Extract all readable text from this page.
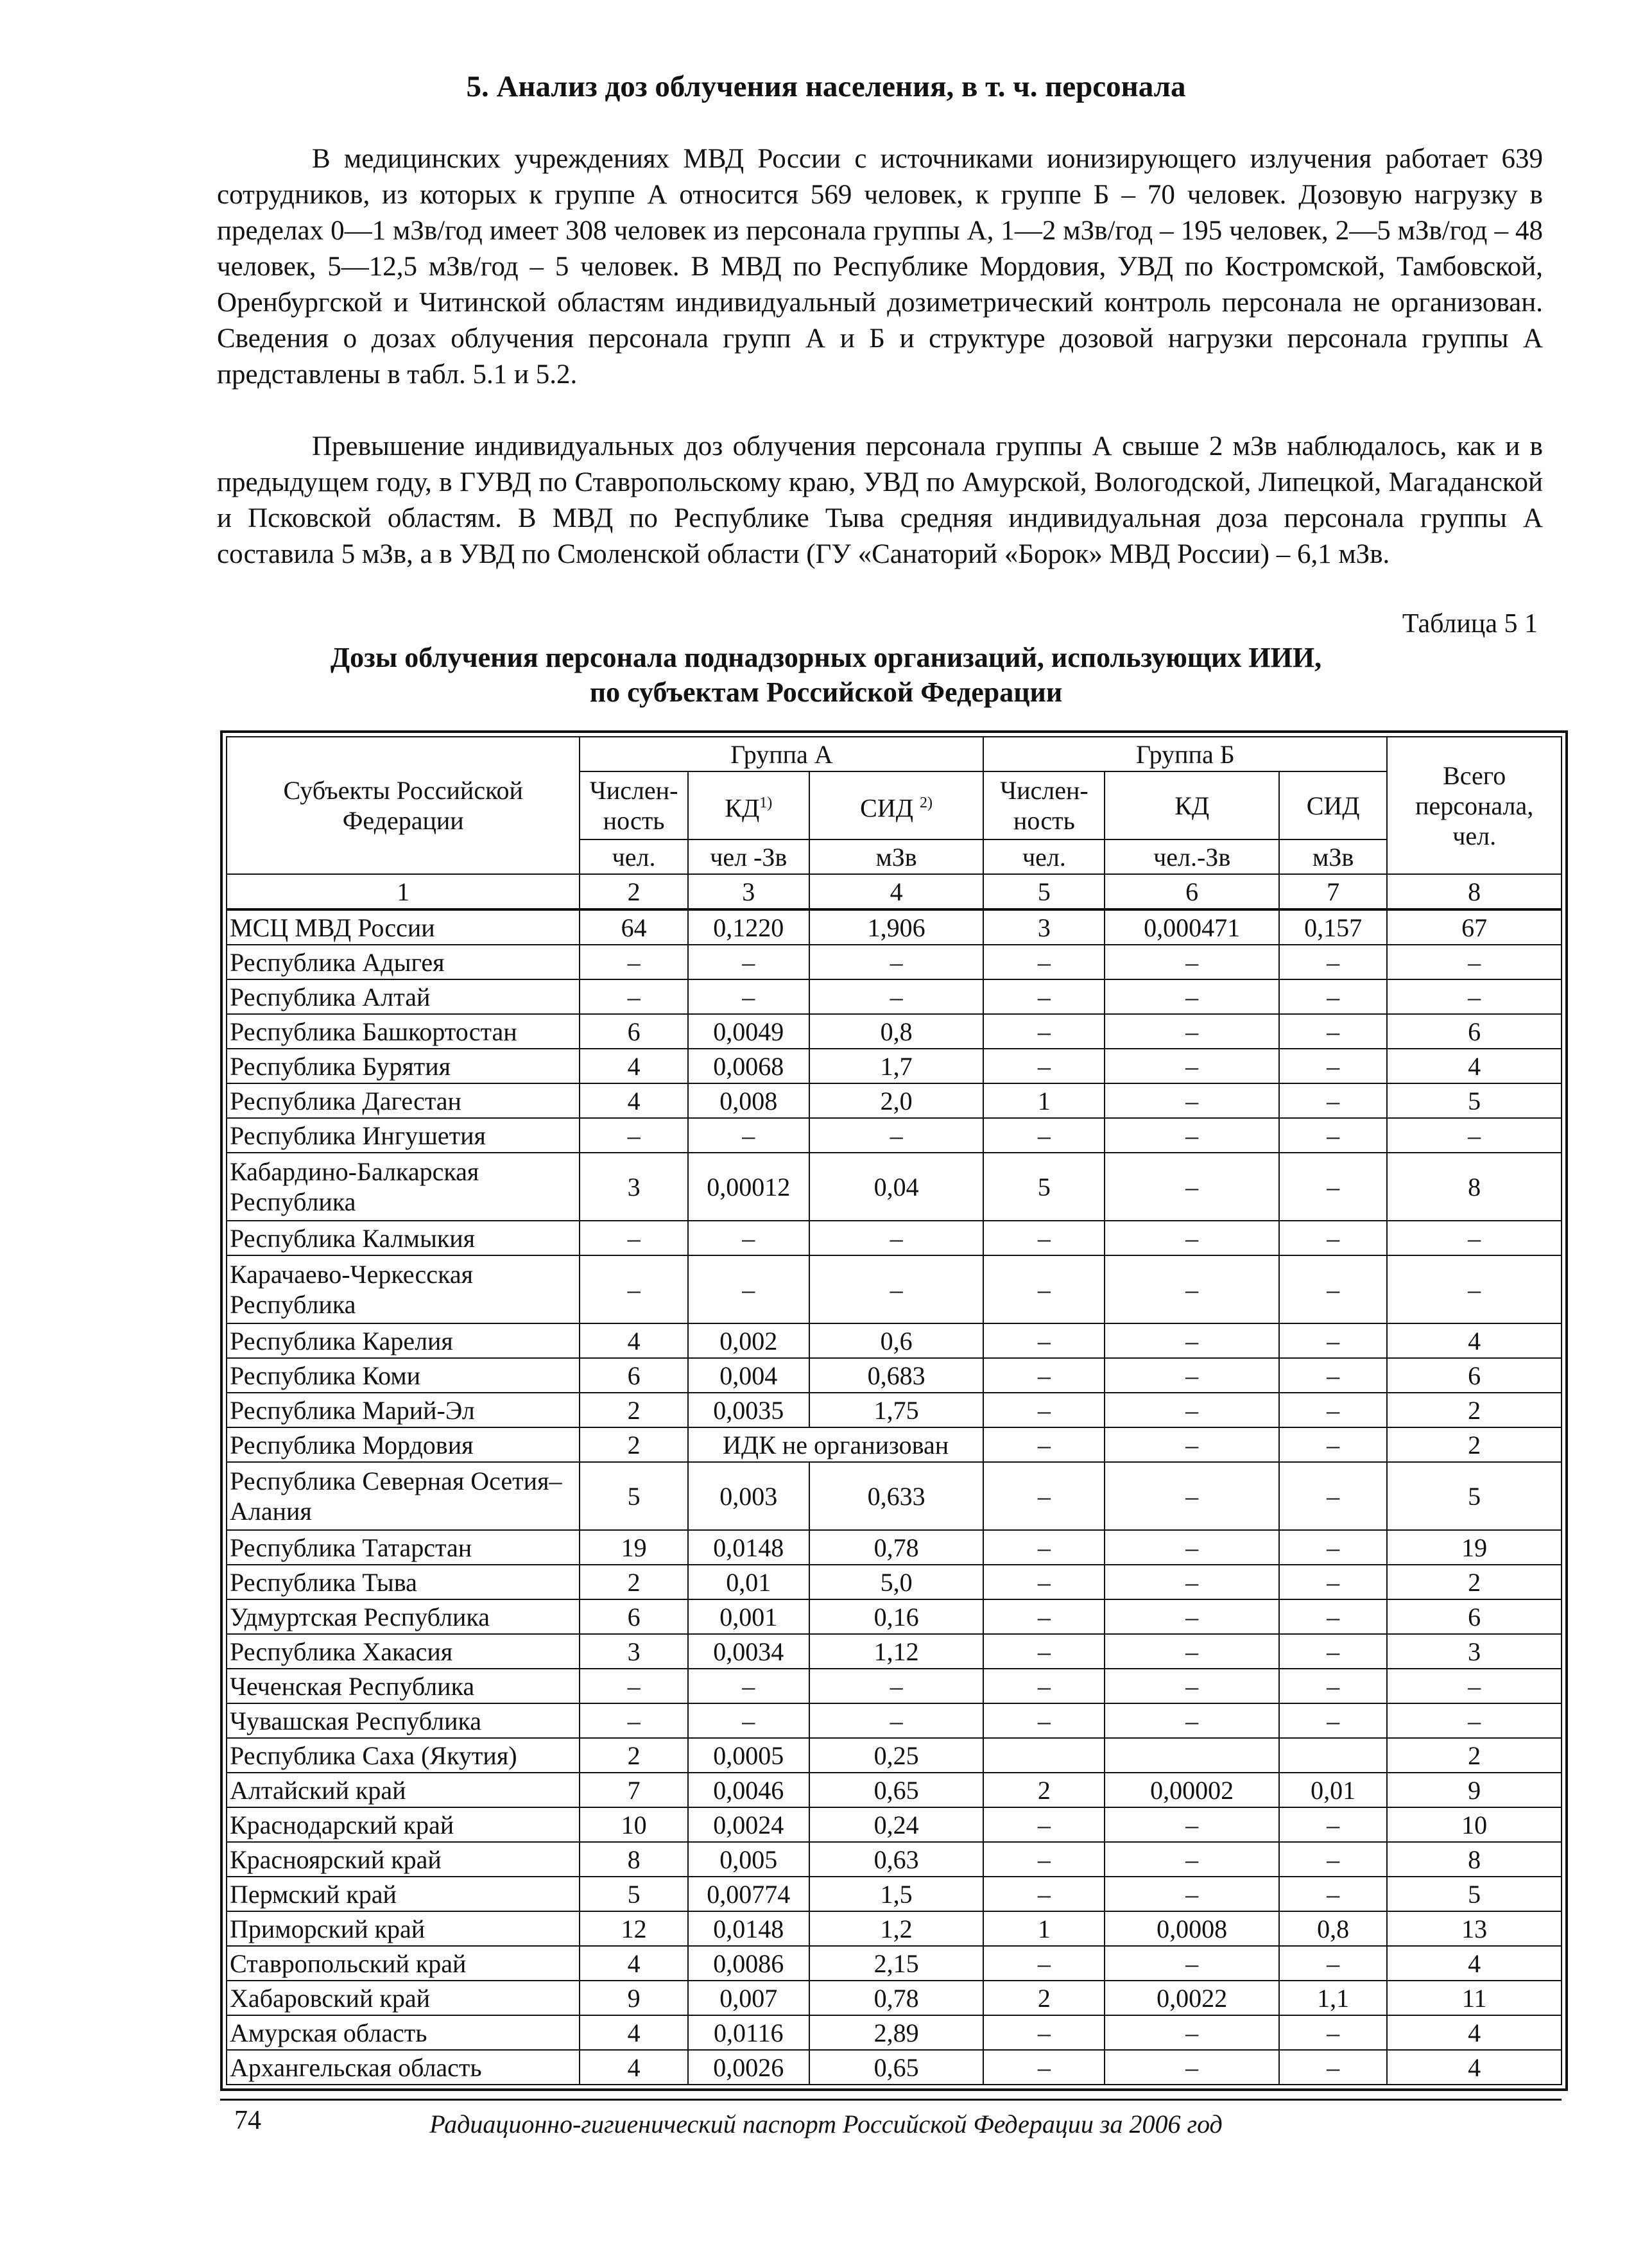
5. Анализ доз облучения населения, в т. ч. персонала

В медицинских учреждениях МВД России с источниками ионизирующего излучения работает 639 сотрудников, из которых к группе А относится 569 человек, к группе Б – 70 человек. Дозовую нагрузку в пределах 0—1 мЗв/год имеет 308 человек из персонала группы А, 1—2 мЗв/год – 195 человек, 2—5 мЗв/год – 48 человек, 5—12,5 мЗв/год – 5 человек. В МВД по Республике Мордовия, УВД по Костромской, Тамбовской, Оренбургской и Читинской областям индивидуальный дозиметрический контроль персонала не организован. Сведения о дозах облучения персонала групп А и Б и структуре дозовой нагрузки персонала группы А представлены в табл. 5.1 и 5.2.

Превышение индивидуальных доз облучения персонала группы А свыше 2 мЗв наблюдалось, как и в предыдущем году, в ГУВД по Ставропольскому краю, УВД по Амурской, Вологодской, Липецкой, Магаданской и Псковской областям. В МВД по Республике Тыва средняя индивидуальная доза персонала группы А составила 5 мЗв, а в УВД по Смоленской области (ГУ «Санаторий «Борок» МВД России) – 6,1 мЗв.

Таблица 5 1
Дозы облучения персонала поднадзорных организаций, использующих ИИИ,
по субъектам Российской Федерации
Субъекты Российской Федерации	Группа А			Группа Б			Всего персонала, чел.
	Числен-ность	КД$^{1)}$	СИД $^{2)}$	Числен-ность	КД	СИД	
	чел.	чел -Зв	мЗв	чел.	чел.-Зв	мЗв	
1	2	3	4	5	6	7	8
МСЦ МВД России	64	0,1220	1,906	3	0,000471	0,157	67
Республика Адыгея	–	–	–	–	–	–	–
Республика Алтай	–	–	–	–	–	–	–
Республика Башкортостан	6	0,0049	0,8	–	–	–	6
Республика Бурятия	4	0,0068	1,7	–	–	–	4
Республика Дагестан	4	0,008	2,0	1	–	–	5
Республика Ингушетия	–	–	–	–	–	–	–
Кабардино-Балкарская Республика	3	0,00012	0,04	5	–	–	8
Республика Калмыкия	–	–	–	–	–	–	–
Карачаево-Черкесская Республика	–	–	–	–	–	–	–
Республика Карелия	4	0,002	0,6	–	–	–	4
Республика Коми	6	0,004	0,683	–	–	–	6
Республика Марий-Эл	2	0,0035	1,75	–	–	–	2
Республика Мордовия	2	ИДК не организован		–	–	–	2
Республика Северная Осетия–Алания	5	0,003	0,633	–	–	–	5
Республика Татарстан	19	0,0148	0,78	–	–	–	19
Республика Тыва	2	0,01	5,0	–	–	–	2
Удмуртская Республика	6	0,001	0,16	–	–	–	6
Республика Хакасия	3	0,0034	1,12	–	–	–	3
Чеченская Республика	–	–	–	–	–	–	–
Чувашская Республика	–	–	–	–	–	–	–
Республика Саха (Якутия)	2	0,0005	0,25				2
Алтайский край	7	0,0046	0,65	2	0,00002	0,01	9
Краснодарский край	10	0,0024	0,24	–	–	–	10
Красноярский край	8	0,005	0,63	–	–	–	8
Пермский край	5	0,00774	1,5	–	–	–	5
Приморский край	12	0,0148	1,2	1	0,0008	0,8	13
Ставропольский край	4	0,0086	2,15	–	–	–	4
Хабаровский край	9	0,007	0,78	2	0,0022	1,1	11
Амурская область	4	0,0116	2,89	–	–	–	4
Архангельская область	4	0,0026	0,65	–	–	–	4
74	Радиационно-гигиенический паспорт Российской Федерации за 2006 год
